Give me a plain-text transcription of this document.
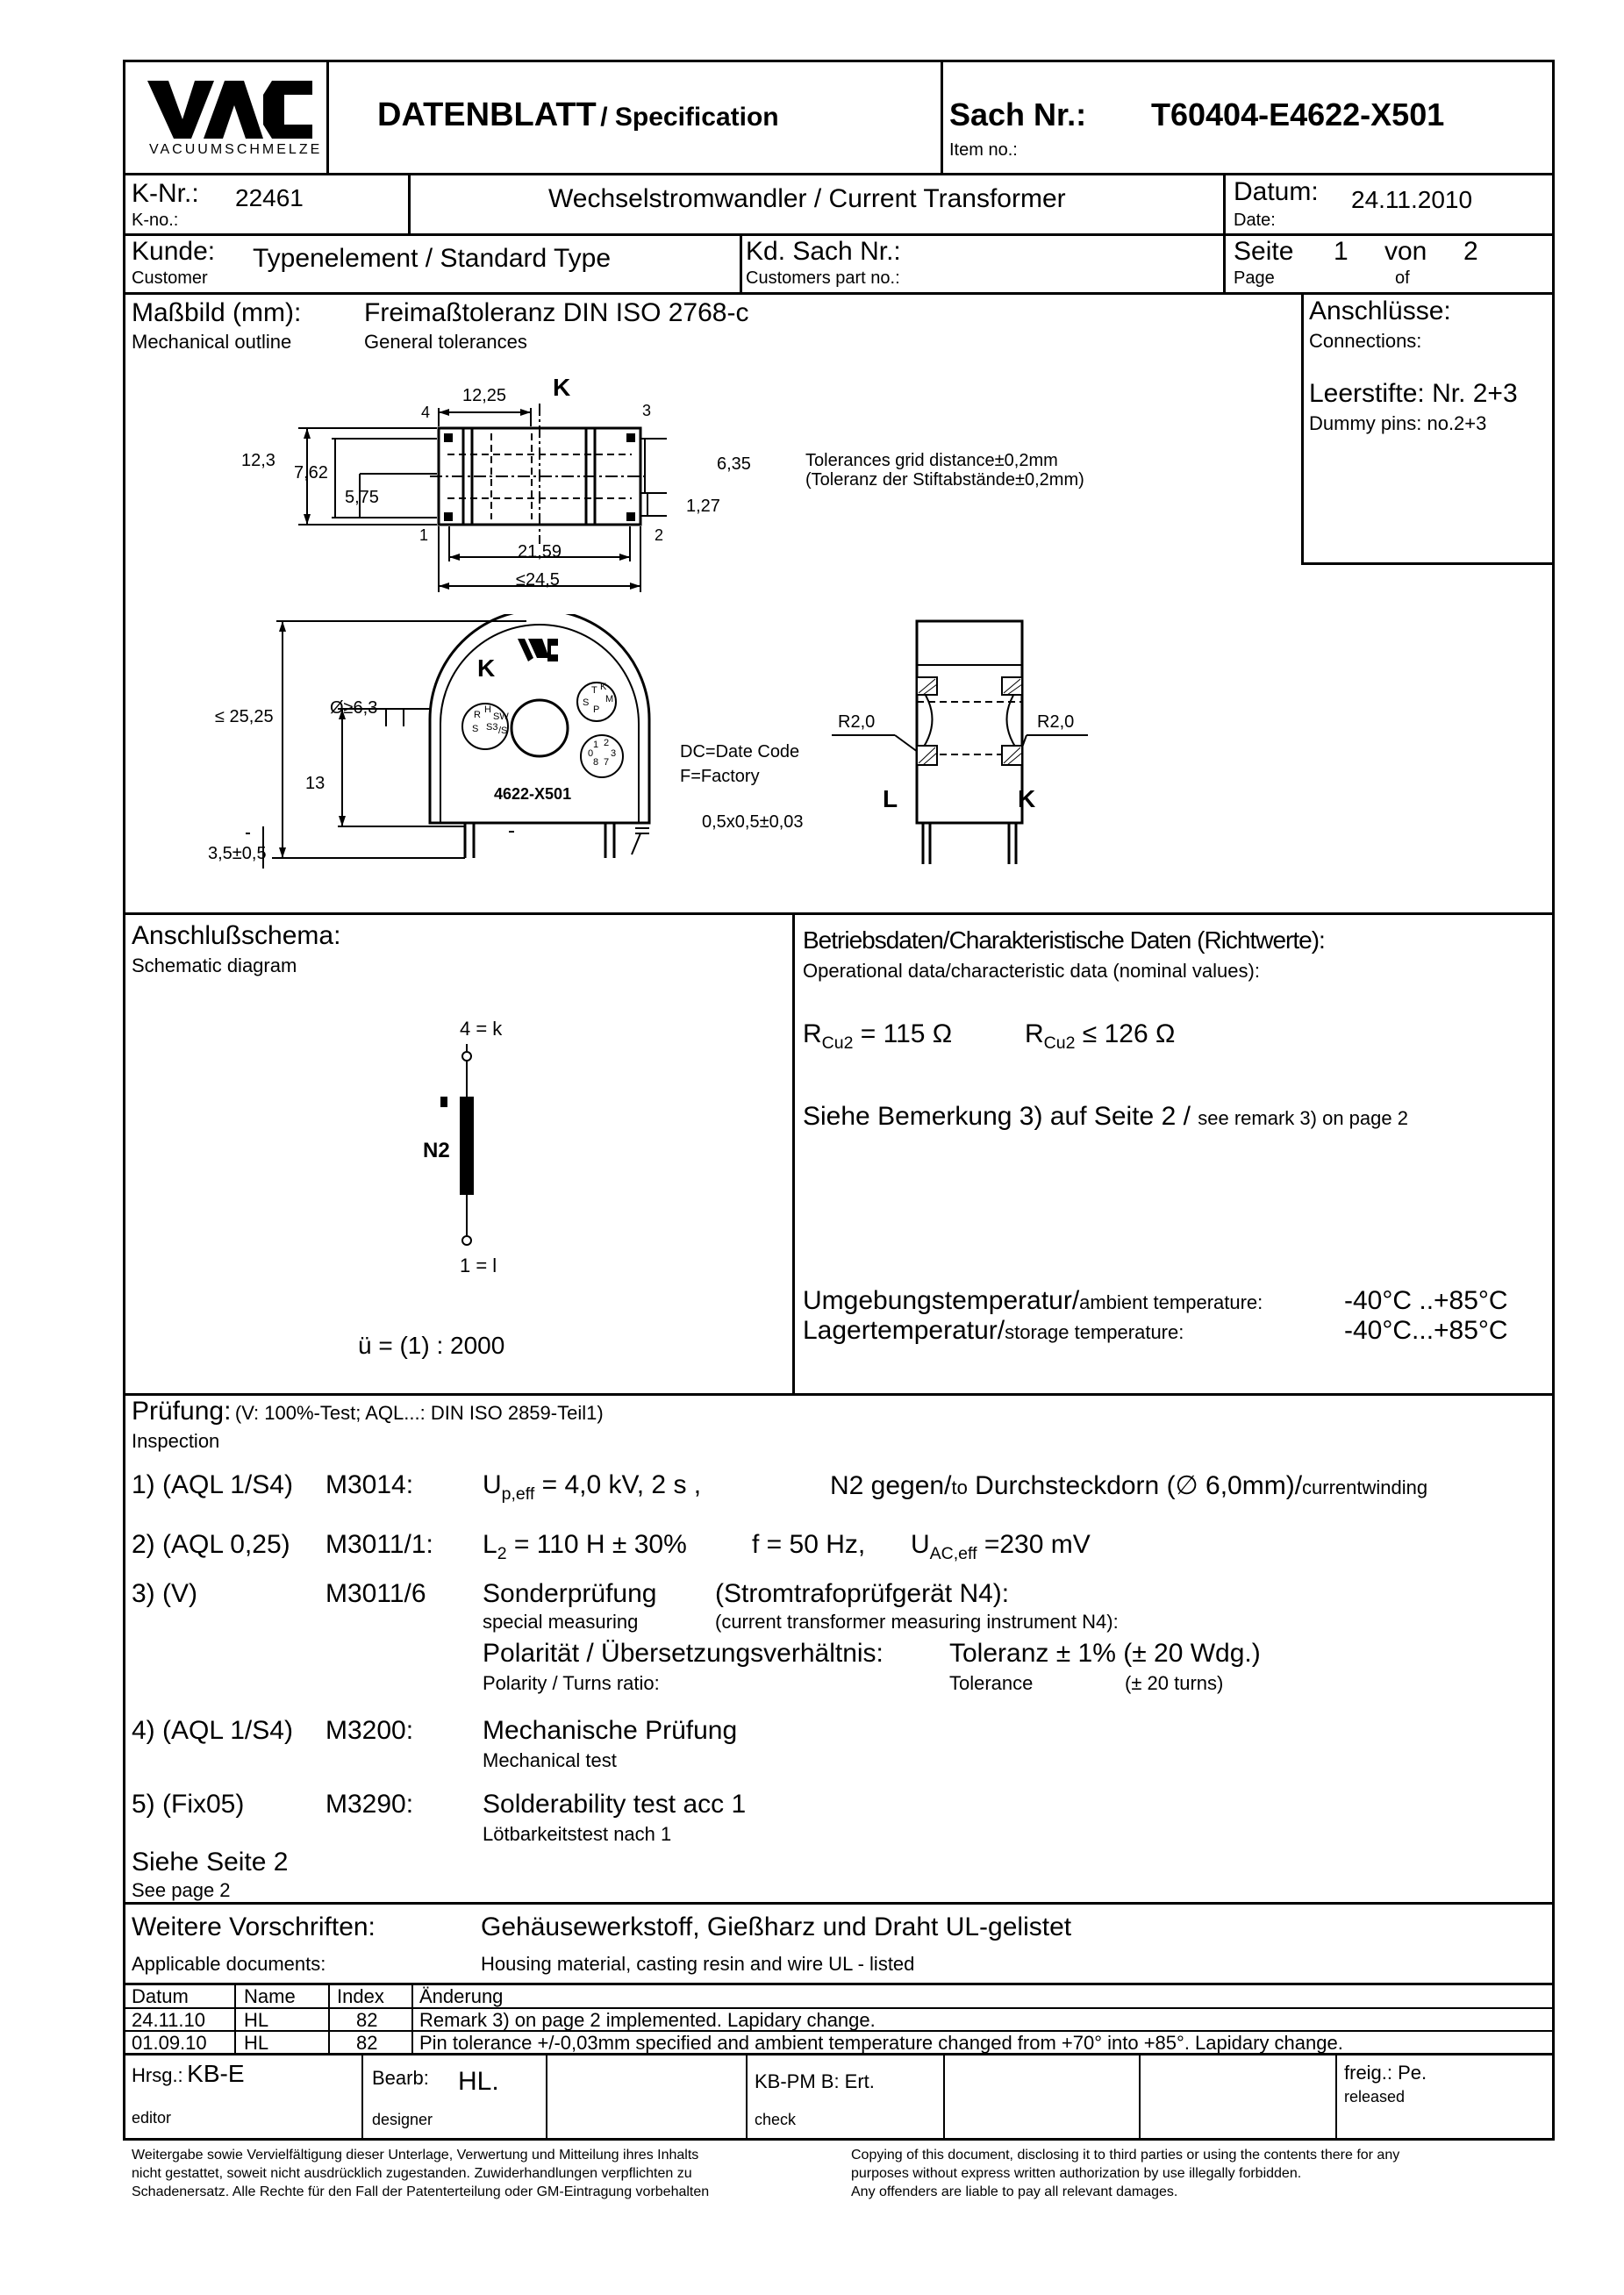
VACUUMSCHMELZE
DATENBLATT / Specification	Sach Nr.: T60404-E4622-X501
Item no.:
K-Nr.: 22461
K-no.:
Wechselstromwandler / Current Transformer	Datum: 24.11.2010
Date:
Kunde: Typenelement / Standard Type
Customer
Kd. Sach Nr.:
Customers part no.:
Seite 1 von 2
Page	of
Maßbild (mm):
Mechanical outline
Freimaßtoleranz DIN ISO 2768-c
General tolerances
Anschlüsse:
Connections:
Leerstifte: Nr. 2+3
Dummy pins: no.2+3
12,25 K
4	3
1	2
12,3
7,62
5,75
6,35
1,27
21,59
≤24,5
Tolerances grid distance±0,2mm
(Toleranz der Stiftabstände±0,2mm)
R H
SW
S S3 /S
T K
S M
P
1 2
0 3
8 7
≤ 25,25
13
3,5±0,5
Ø≥6,3
K
4622-X501
DC=Date Code
F=Factory
0,5x0,5±0,03
R2,0	R2,0
L	K
Anschlußschema:
Schematic diagram
4 = k
N2
1 = l
ü = (1) : 2000
Betriebsdaten/Charakteristische Daten (Richtwerte):
Operational data/characteristic data (nominal values):
$R_{Cu2} = 115$ Ω	$R_{Cu2} \le 126$ Ω
Siehe Bemerkung 3) auf Seite 2 / see remark 3) on page 2
Umgebungstemperatur/ambient temperature:	-40°C ..+85°C
Lagertemperatur/storage temperature:	-40°C...+85°C
Prüfung: (V: 100%-Test; AQL...: DIN ISO 2859-Teil1)
Inspection
1) (AQL 1/S4) M3014:	$U_{p,eff} = 4,0$ kV, 2 s ,	N2 gegen/to Durchsteckdorn (∅ 6,0mm)/currentwinding
2) (AQL 0,25) M3011/1: $L_2 = 110$ H ± 30% f = 50 Hz, $U_{AC,eff} =230$ mV
3) (V)	M3011/6 Sonderprüfung
special measuring
(Stromtrafoprüfgerät N4):
(current transformer measuring instrument N4):
Polarität / Übersetzungsverhältnis:
Polarity / Turns ratio:
Toleranz ± 1% (± 20 Wdg.)
Tolerance	(± 20 turns)
4) (AQL 1/S4) M3200:	Mechanische Prüfung
Mechanical test
5) (Fix05)	M3290:	Solderability test acc 1
Lötbarkeitstest nach 1
Siehe Seite 2
See page 2
Weitere Vorschriften:
Applicable documents:
Gehäusewerkstoff, Gießharz und Draht UL-gelistet
Housing material, casting resin and wire UL - listed
Datum	Name Index Änderung
24.11.10 HL	82 Remark 3) on page 2 implemented. Lapidary change.
01.09.10 HL	82 Pin tolerance +/-0,03mm specified and ambient temperature changed from +70° into +85°. Lapidary change.
Hrsg.: KB-E
editor
Bearb: HL.
designer
KB-PM B: Ert.
check
freig.: Pe.
released
Weitergabe sowie Vervielfältigung dieser Unterlage, Verwertung und Mitteilung ihres Inhalts
nicht gestattet, soweit nicht ausdrücklich zugestanden. Zuwiderhandlungen verpflichten zu
Schadenersatz. Alle Rechte für den Fall der Patenterteilung oder GM-Eintragung vorbehalten
Copying of this document, disclosing it to third parties or using the contents there for any
purposes without express written authorization by use illegally forbidden.
Any offenders are liable to pay all relevant damages.
